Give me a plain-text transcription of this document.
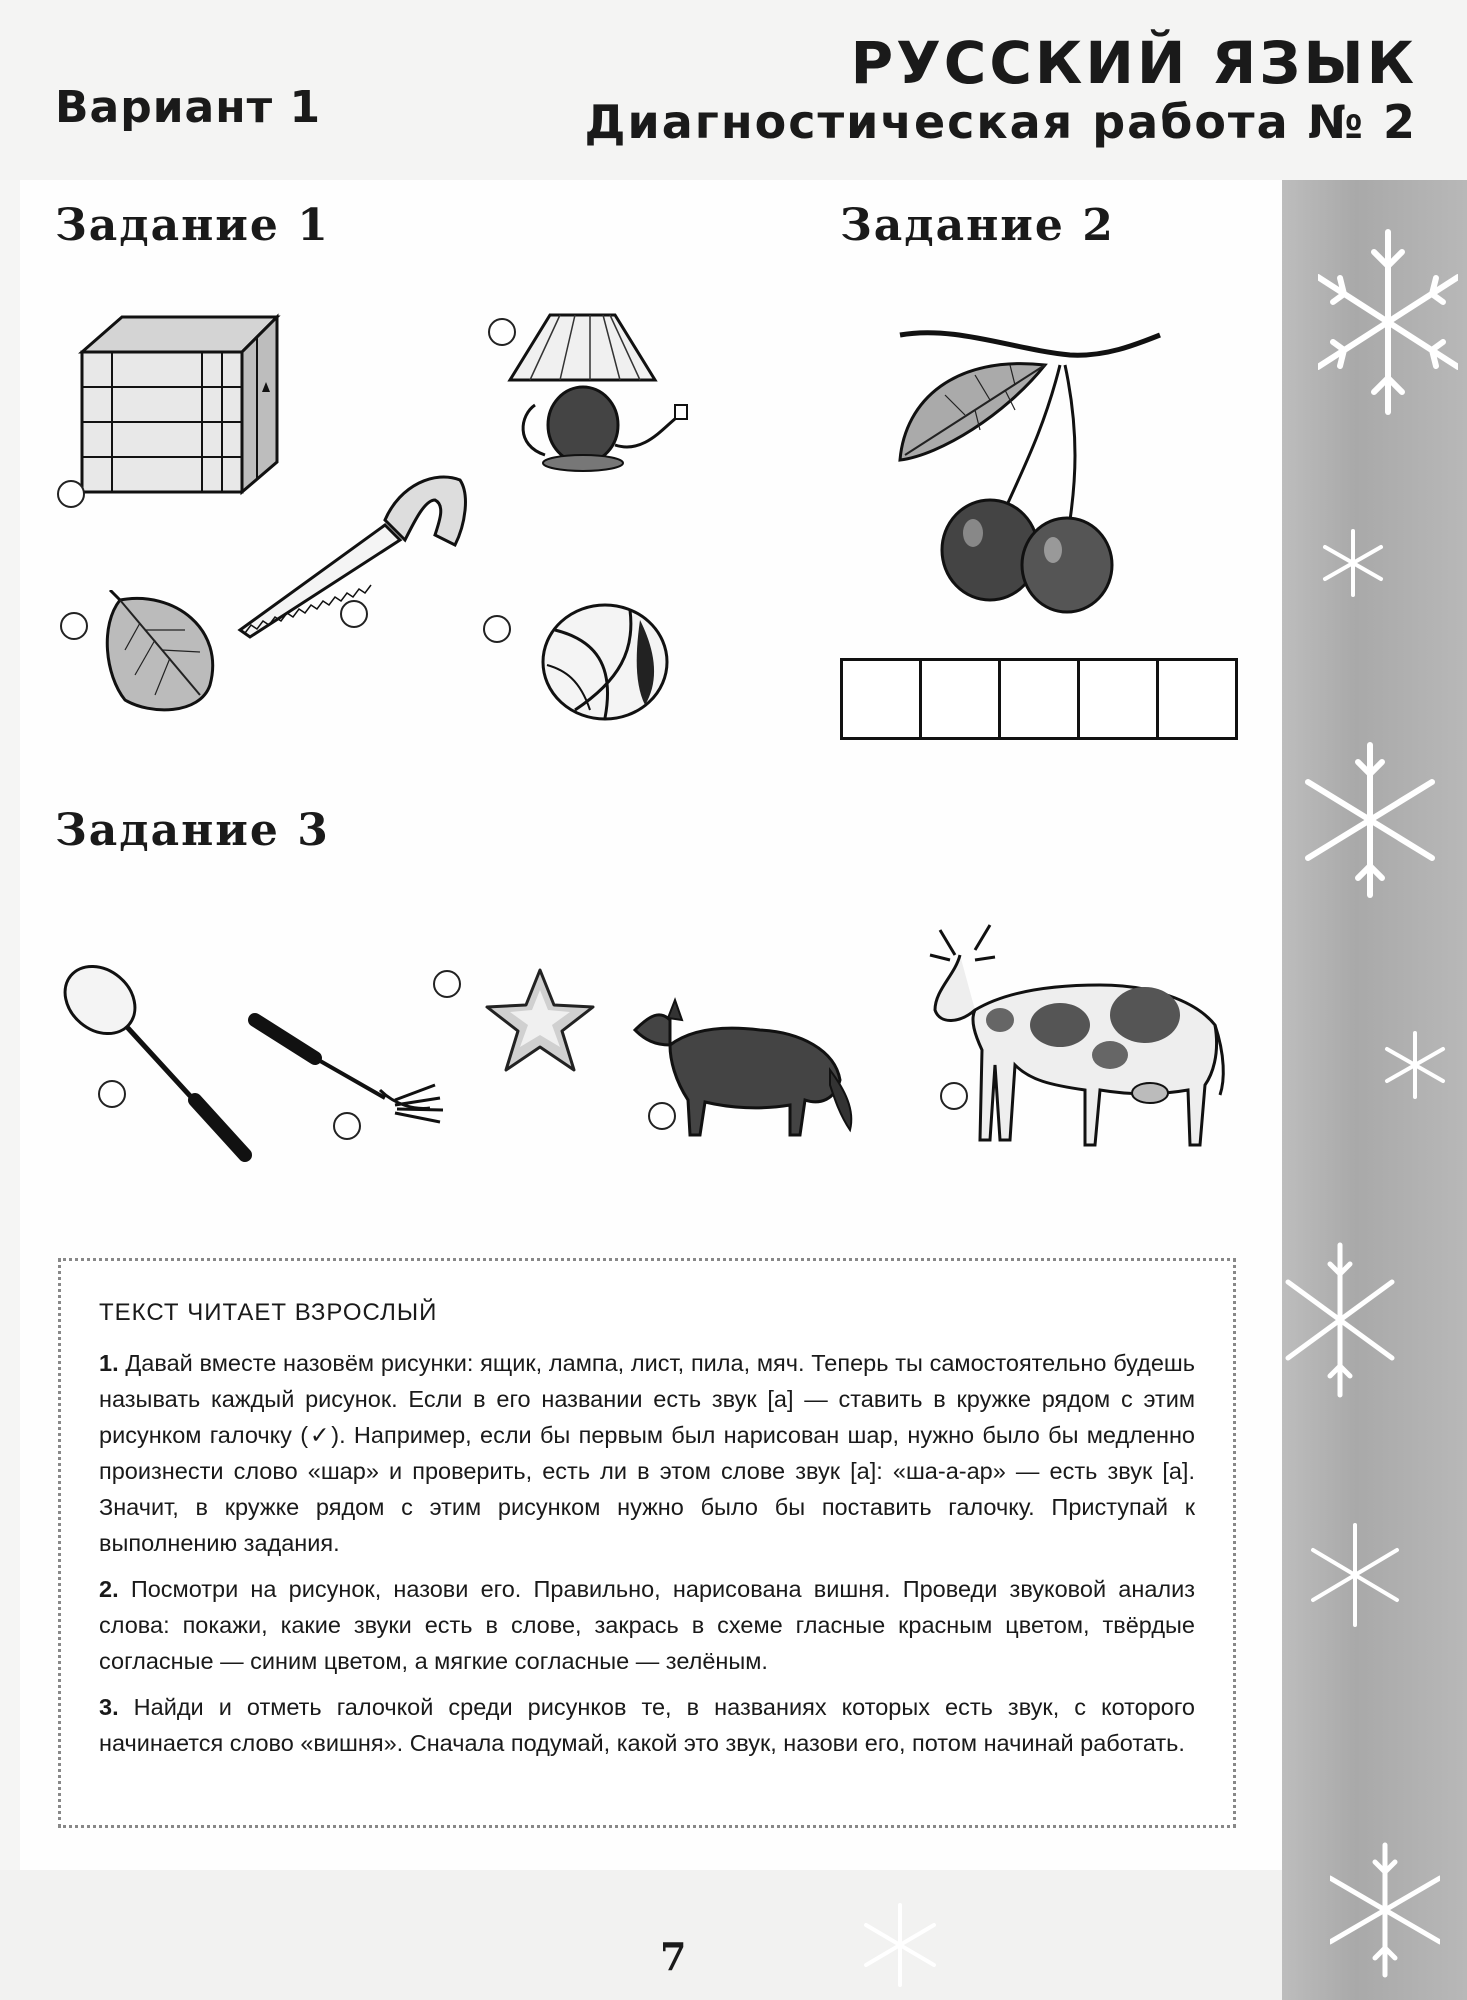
Вариант 1
РУССКИЙ ЯЗЫК
Диагностическая работа № 2
Задание 1	Задание 2
Задание 3
ТЕКСТ ЧИТАЕТ ВЗРОСЛЫЙ

1. Давай вместе назовём рисунки: ящик, лампа, лист, пила, мяч. Теперь ты самостоятельно будешь называть каждый рисунок. Если в его названии есть звук [а] — ставить в кружке рядом с этим рисунком галочку (✓). Например, если бы первым был нарисован шар, нужно было бы медленно произнести слово «шар» и проверить, есть ли в этом слове звук [а]: «ша-а-ар» — есть звук [а]. Значит, в кружке рядом с этим рисунком нужно было бы поставить галочку. Приступай к выполнению задания.

2. Посмотри на рисунок, назови его. Правильно, нарисована вишня. Проведи звуковой анализ слова: покажи, какие звуки есть в слове, закрась в схеме гласные красным цветом, твёрдые согласные — синим цветом, а мягкие согласные — зелёным.

3. Найди и отметь галочкой среди рисунков те, в названиях которых есть звук, с которого начинается слово «вишня». Сначала подумай, какой это звук, назови его, потом начинай работать.

7
